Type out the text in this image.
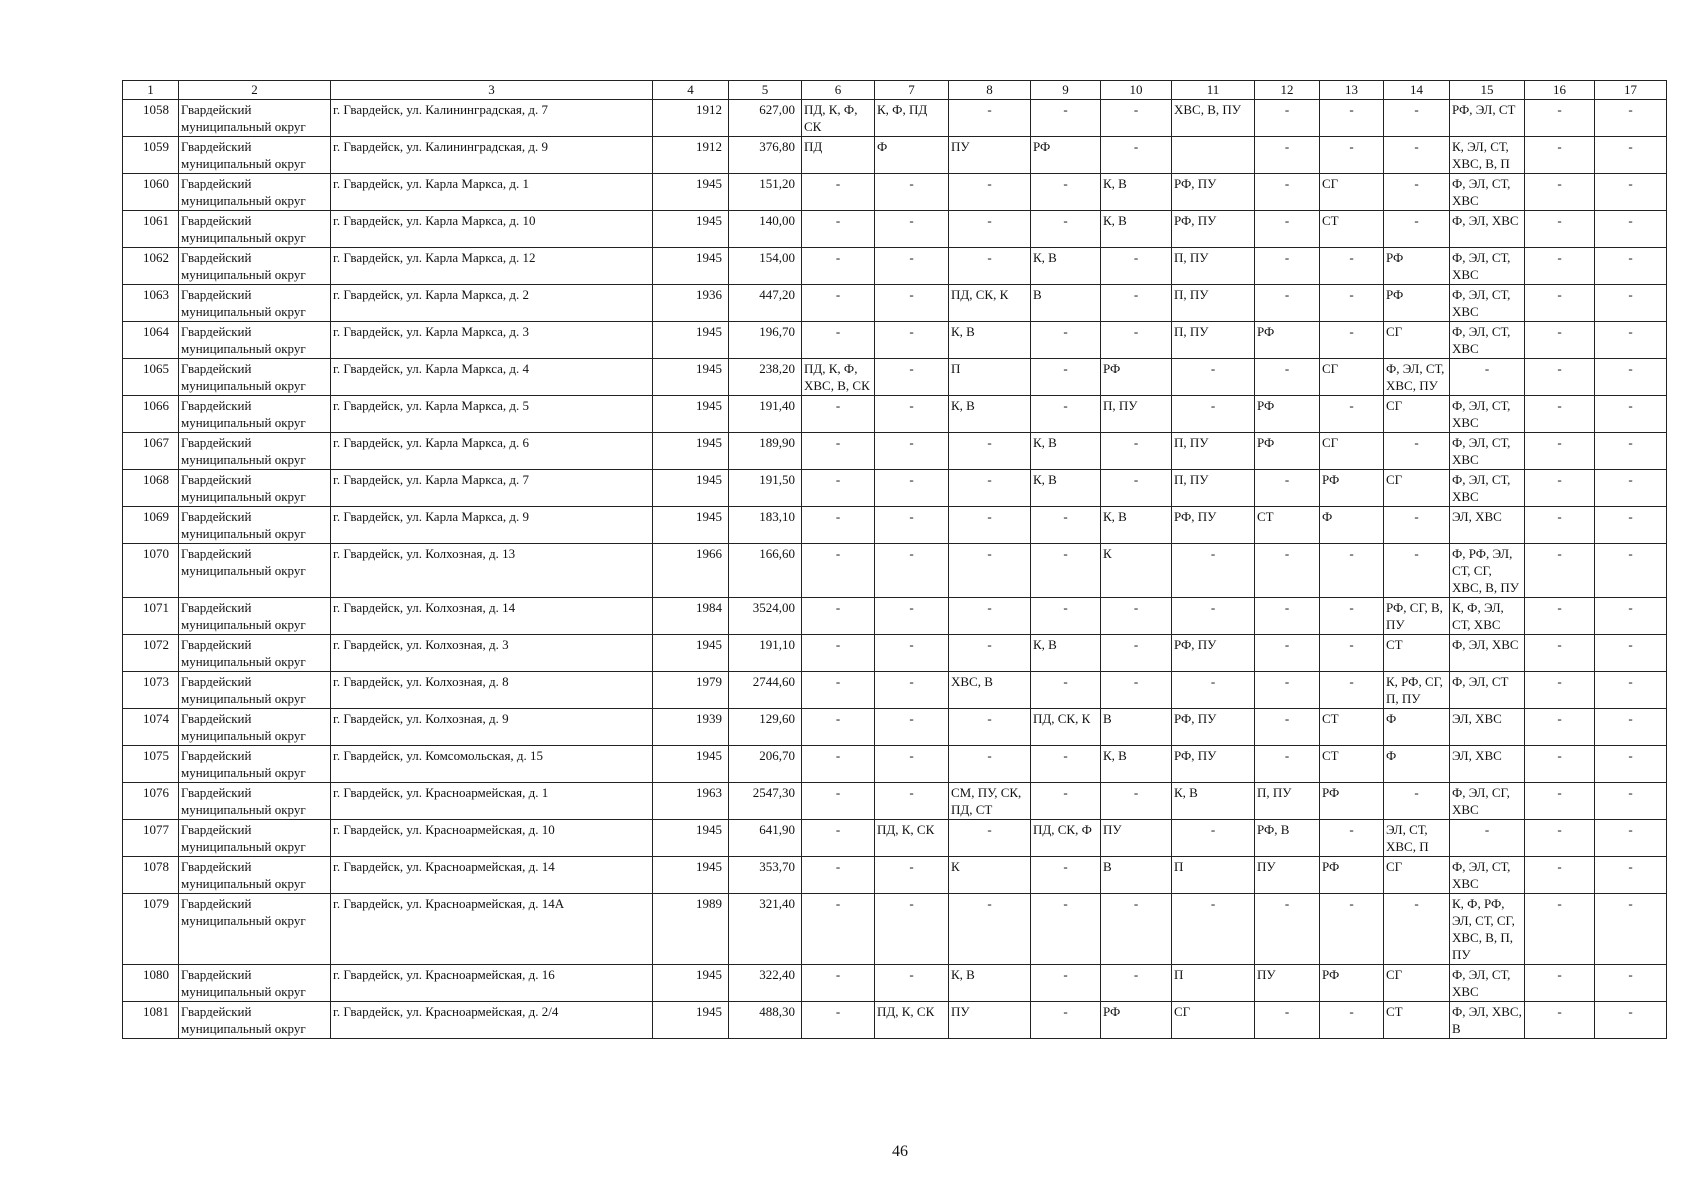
1	2	3	4	5	6	7	8	9	10	11	12	13	14	15	16	17
1058	Гвардейский муниципальный округ	г. Гвардейск, ул. Калининградская, д. 7	1912	627,00	ПД, К, Ф, СК	К, Ф, ПД	-	-	-	ХВС, В, ПУ	-	-	-	РФ, ЭЛ, СТ	-	-
1059	Гвардейский муниципальный округ	г. Гвардейск, ул. Калининградская, д. 9	1912	376,80	ПД	Ф	ПУ	РФ	-		-	-	-	К, ЭЛ, СТ, ХВС, В, П	-	-
1060	Гвардейский муниципальный округ	г. Гвардейск, ул. Карла Маркса, д. 1	1945	151,20	-	-	-	-	К, В	РФ, ПУ	-	СГ	-	Ф, ЭЛ, СТ, ХВС	-	-
1061	Гвардейский муниципальный округ	г. Гвардейск, ул. Карла Маркса, д. 10	1945	140,00	-	-	-	-	К, В	РФ, ПУ	-	СТ	-	Ф, ЭЛ, ХВС	-	-
1062	Гвардейский муниципальный округ	г. Гвардейск, ул. Карла Маркса, д. 12	1945	154,00	-	-	-	К, В	-	П, ПУ	-	-	РФ	Ф, ЭЛ, СТ, ХВС	-	-
1063	Гвардейский муниципальный округ	г. Гвардейск, ул. Карла Маркса, д. 2	1936	447,20	-	-	ПД, СК, К	В	-	П, ПУ	-	-	РФ	Ф, ЭЛ, СТ, ХВС	-	-
1064	Гвардейский муниципальный округ	г. Гвардейск, ул. Карла Маркса, д. 3	1945	196,70	-	-	К, В	-	-	П, ПУ	РФ	-	СГ	Ф, ЭЛ, СТ, ХВС	-	-
1065	Гвардейский муниципальный округ	г. Гвардейск, ул. Карла Маркса, д. 4	1945	238,20	ПД, К, Ф, ХВС, В, СК	-	П	-	РФ	-	-	СГ	Ф, ЭЛ, СТ, ХВС, ПУ	-	-	-
1066	Гвардейский муниципальный округ	г. Гвардейск, ул. Карла Маркса, д. 5	1945	191,40	-	-	К, В	-	П, ПУ	-	РФ	-	СГ	Ф, ЭЛ, СТ, ХВС	-	-
1067	Гвардейский муниципальный округ	г. Гвардейск, ул. Карла Маркса, д. 6	1945	189,90	-	-	-	К, В	-	П, ПУ	РФ	СГ	-	Ф, ЭЛ, СТ, ХВС	-	-
1068	Гвардейский муниципальный округ	г. Гвардейск, ул. Карла Маркса, д. 7	1945	191,50	-	-	-	К, В	-	П, ПУ	-	РФ	СГ	Ф, ЭЛ, СТ, ХВС	-	-
1069	Гвардейский муниципальный округ	г. Гвардейск, ул. Карла Маркса, д. 9	1945	183,10	-	-	-	-	К, В	РФ, ПУ	СТ	Ф	-	ЭЛ, ХВС	-	-
1070	Гвардейский муниципальный округ	г. Гвардейск, ул. Колхозная, д. 13	1966	166,60	-	-	-	-	К	-	-	-	-	Ф, РФ, ЭЛ, СТ, СГ, ХВС, В, ПУ	-	-
1071	Гвардейский муниципальный округ	г. Гвардейск, ул. Колхозная, д. 14	1984	3524,00	-	-	-	-	-	-	-	-	РФ, СГ, В, ПУ	К, Ф, ЭЛ, СТ, ХВС	-	-
1072	Гвардейский муниципальный округ	г. Гвардейск, ул. Колхозная, д. 3	1945	191,10	-	-	-	К, В	-	РФ, ПУ	-	-	СТ	Ф, ЭЛ, ХВС	-	-
1073	Гвардейский муниципальный округ	г. Гвардейск, ул. Колхозная, д. 8	1979	2744,60	-	-	ХВС, В	-	-	-	-	-	К, РФ, СГ, П, ПУ	Ф, ЭЛ, СТ	-	-
1074	Гвардейский муниципальный округ	г. Гвардейск, ул. Колхозная, д. 9	1939	129,60	-	-	-	ПД, СК, К	В	РФ, ПУ	-	СТ	Ф	ЭЛ, ХВС	-	-
1075	Гвардейский муниципальный округ	г. Гвардейск, ул. Комсомольская, д. 15	1945	206,70	-	-	-	-	К, В	РФ, ПУ	-	СТ	Ф	ЭЛ, ХВС	-	-
1076	Гвардейский муниципальный округ	г. Гвардейск, ул. Красноармейская, д. 1	1963	2547,30	-	-	СМ, ПУ, СК, ПД, СТ	-	-	К, В	П, ПУ	РФ	-	Ф, ЭЛ, СГ, ХВС	-	-
1077	Гвардейский муниципальный округ	г. Гвардейск, ул. Красноармейская, д. 10	1945	641,90	-	ПД, К, СК	-	ПД, СК, Ф	ПУ	-	РФ, В	-	ЭЛ, СТ, ХВС, П	-	-	-
1078	Гвардейский муниципальный округ	г. Гвардейск, ул. Красноармейская, д. 14	1945	353,70	-	-	К	-	В	П	ПУ	РФ	СГ	Ф, ЭЛ, СТ, ХВС	-	-
1079	Гвардейский муниципальный округ	г. Гвардейск, ул. Красноармейская, д. 14А	1989	321,40	-	-	-	-	-	-	-	-	-	К, Ф, РФ, ЭЛ, СТ, СГ, ХВС, В, П, ПУ	-	-
1080	Гвардейский муниципальный округ	г. Гвардейск, ул. Красноармейская, д. 16	1945	322,40	-	-	К, В	-	-	П	ПУ	РФ	СГ	Ф, ЭЛ, СТ, ХВС	-	-
1081	Гвардейский муниципальный округ	г. Гвардейск, ул. Красноармейская, д. 2/4	1945	488,30	-	ПД, К, СК	ПУ	-	РФ	СГ	-	-	СТ	Ф, ЭЛ, ХВС, В	-	-
46
